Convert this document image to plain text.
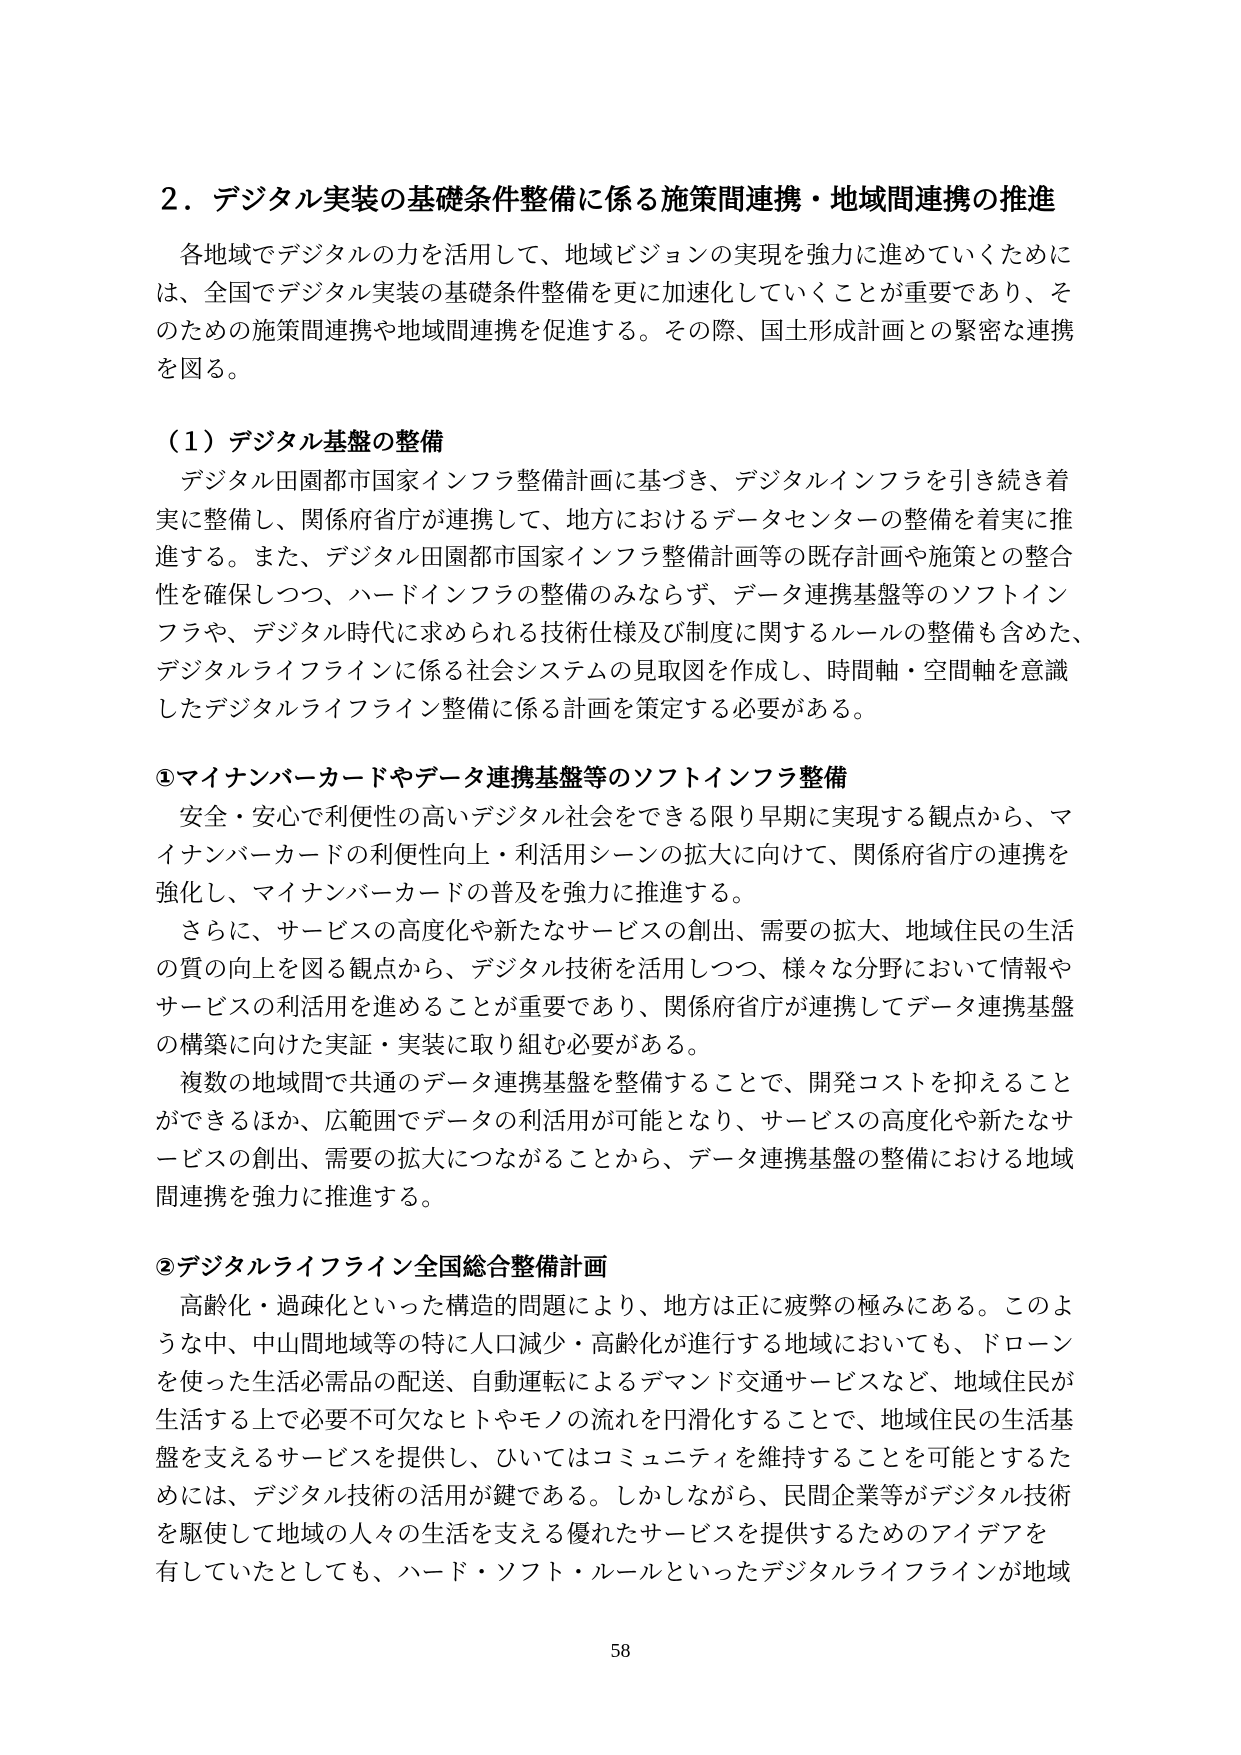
２．デジタル実装の基礎条件整備に係る施策間連携・地域間連携の推進
　各地域でデジタルの力を活用して、地域ビジョンの実現を強力に進めていくために
は、全国でデジタル実装の基礎条件整備を更に加速化していくことが重要であり、そ
のための施策間連携や地域間連携を促進する。その際、国土形成計画との緊密な連携
を図る。
（１）デジタル基盤の整備
　デジタル田園都市国家インフラ整備計画に基づき、デジタルインフラを引き続き着
実に整備し、関係府省庁が連携して、地方におけるデータセンターの整備を着実に推
進する。また、デジタル田園都市国家インフラ整備計画等の既存計画や施策との整合
性を確保しつつ、ハードインフラの整備のみならず、データ連携基盤等のソフトイン
フラや、デジタル時代に求められる技術仕様及び制度に関するルールの整備も含めた、
デジタルライフラインに係る社会システムの見取図を作成し、時間軸・空間軸を意識
したデジタルライフライン整備に係る計画を策定する必要がある。
①マイナンバーカードやデータ連携基盤等のソフトインフラ整備
　安全・安心で利便性の高いデジタル社会をできる限り早期に実現する観点から、マ
イナンバーカードの利便性向上・利活用シーンの拡大に向けて、関係府省庁の連携を
強化し、マイナンバーカードの普及を強力に推進する。
　さらに、サービスの高度化や新たなサービスの創出、需要の拡大、地域住民の生活
の質の向上を図る観点から、デジタル技術を活用しつつ、様々な分野において情報や
サービスの利活用を進めることが重要であり、関係府省庁が連携してデータ連携基盤
の構築に向けた実証・実装に取り組む必要がある。
　複数の地域間で共通のデータ連携基盤を整備することで、開発コストを抑えること
ができるほか、広範囲でデータの利活用が可能となり、サービスの高度化や新たなサ
ービスの創出、需要の拡大につながることから、データ連携基盤の整備における地域
間連携を強力に推進する。
②デジタルライフライン全国総合整備計画
　高齢化・過疎化といった構造的問題により、地方は正に疲弊の極みにある。このよ
うな中、中山間地域等の特に人口減少・高齢化が進行する地域においても、ドローン
を使った生活必需品の配送、自動運転によるデマンド交通サービスなど、地域住民が
生活する上で必要不可欠なヒトやモノの流れを円滑化することで、地域住民の生活基
盤を支えるサービスを提供し、ひいてはコミュニティを維持することを可能とするた
めには、デジタル技術の活用が鍵である。しかしながら、民間企業等がデジタル技術
を駆使して地域の人々の生活を支える優れたサービスを提供するためのアイデアを
有していたとしても、ハード・ソフト・ルールといったデジタルライフラインが地域
58
